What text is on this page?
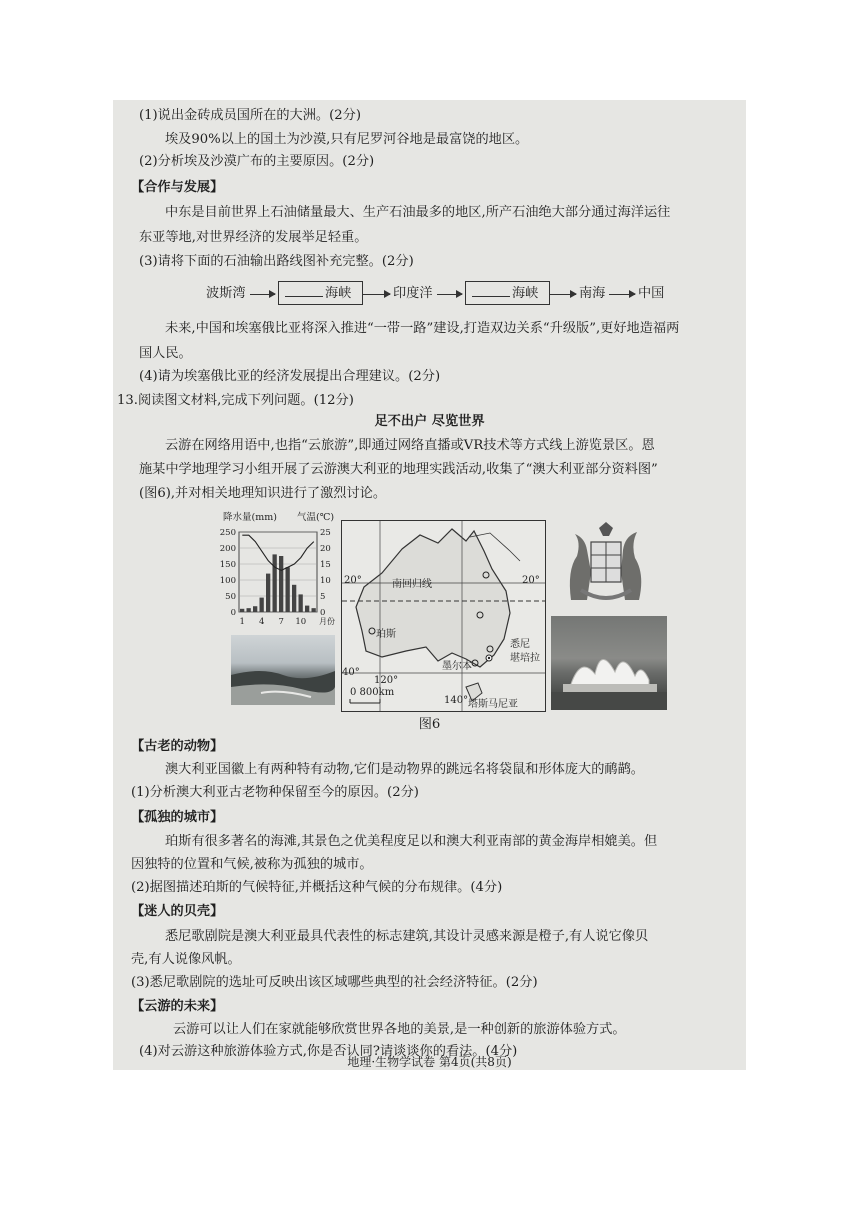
(1)说出金砖成员国所在的大洲。(2分)
埃及90%以上的国土为沙漠,只有尼罗河谷地是最富饶的地区。
(2)分析埃及沙漠广布的主要原因。(2分)
【合作与发展】
中东是目前世界上石油储量最大、生产石油最多的地区,所产石油绝大部分通过海洋运往
东亚等地,对世界经济的发展举足轻重。
(3)请将下面的石油输出路线图补充完整。(2分)
波斯湾	海峡	印度洋	海峡	南海 中国
未来,中国和埃塞俄比亚将深入推进“一带一路”建设,打造双边关系“升级版”,更好地造福两
国人民。
(4)请为埃塞俄比亚的经济发展提出合理建议。(2分)
13.阅读图文材料,完成下列问题。(12分)
足不出户 尽览世界
云游在网络用语中,也指“云旅游”,即通过网络直播或VR技术等方式线上游览景区。恩
施某中学地理学习小组开展了云游澳大利亚的地理实践活动,收集了“澳大利亚部分资料图”
(图6),并对相关地理知识进行了激烈讨论。
降水量(mm) 气温(℃)
250	25
200	20
150	15
100	10
50	5
0	0
1 4 7 10 月份
20°	20°
南回归线
珀斯
悉尼
堪培拉
墨尔本
40°
120°
140° 塔斯马尼亚
0 800km
图6
【古老的动物】
澳大利亚国徽上有两种特有动物,它们是动物界的跳远名将袋鼠和形体庞大的鸸鹋。
(1)分析澳大利亚古老物种保留至今的原因。(2分)
【孤独的城市】
珀斯有很多著名的海滩,其景色之优美程度足以和澳大利亚南部的黄金海岸相媲美。但
因独特的位置和气候,被称为孤独的城市。
(2)据图描述珀斯的气候特征,并概括这种气候的分布规律。(4分)
【迷人的贝壳】
悉尼歌剧院是澳大利亚最具代表性的标志建筑,其设计灵感来源是橙子,有人说它像贝
壳,有人说像风帆。
(3)悉尼歌剧院的选址可反映出该区域哪些典型的社会经济特征。(2分)
【云游的未来】
云游可以让人们在家就能够欣赏世界各地的美景,是一种创新的旅游体验方式。
(4)对云游这种旅游体验方式,你是否认同?请谈谈你的看法。(4分)
地理·生物学试卷 第4页(共8页)
